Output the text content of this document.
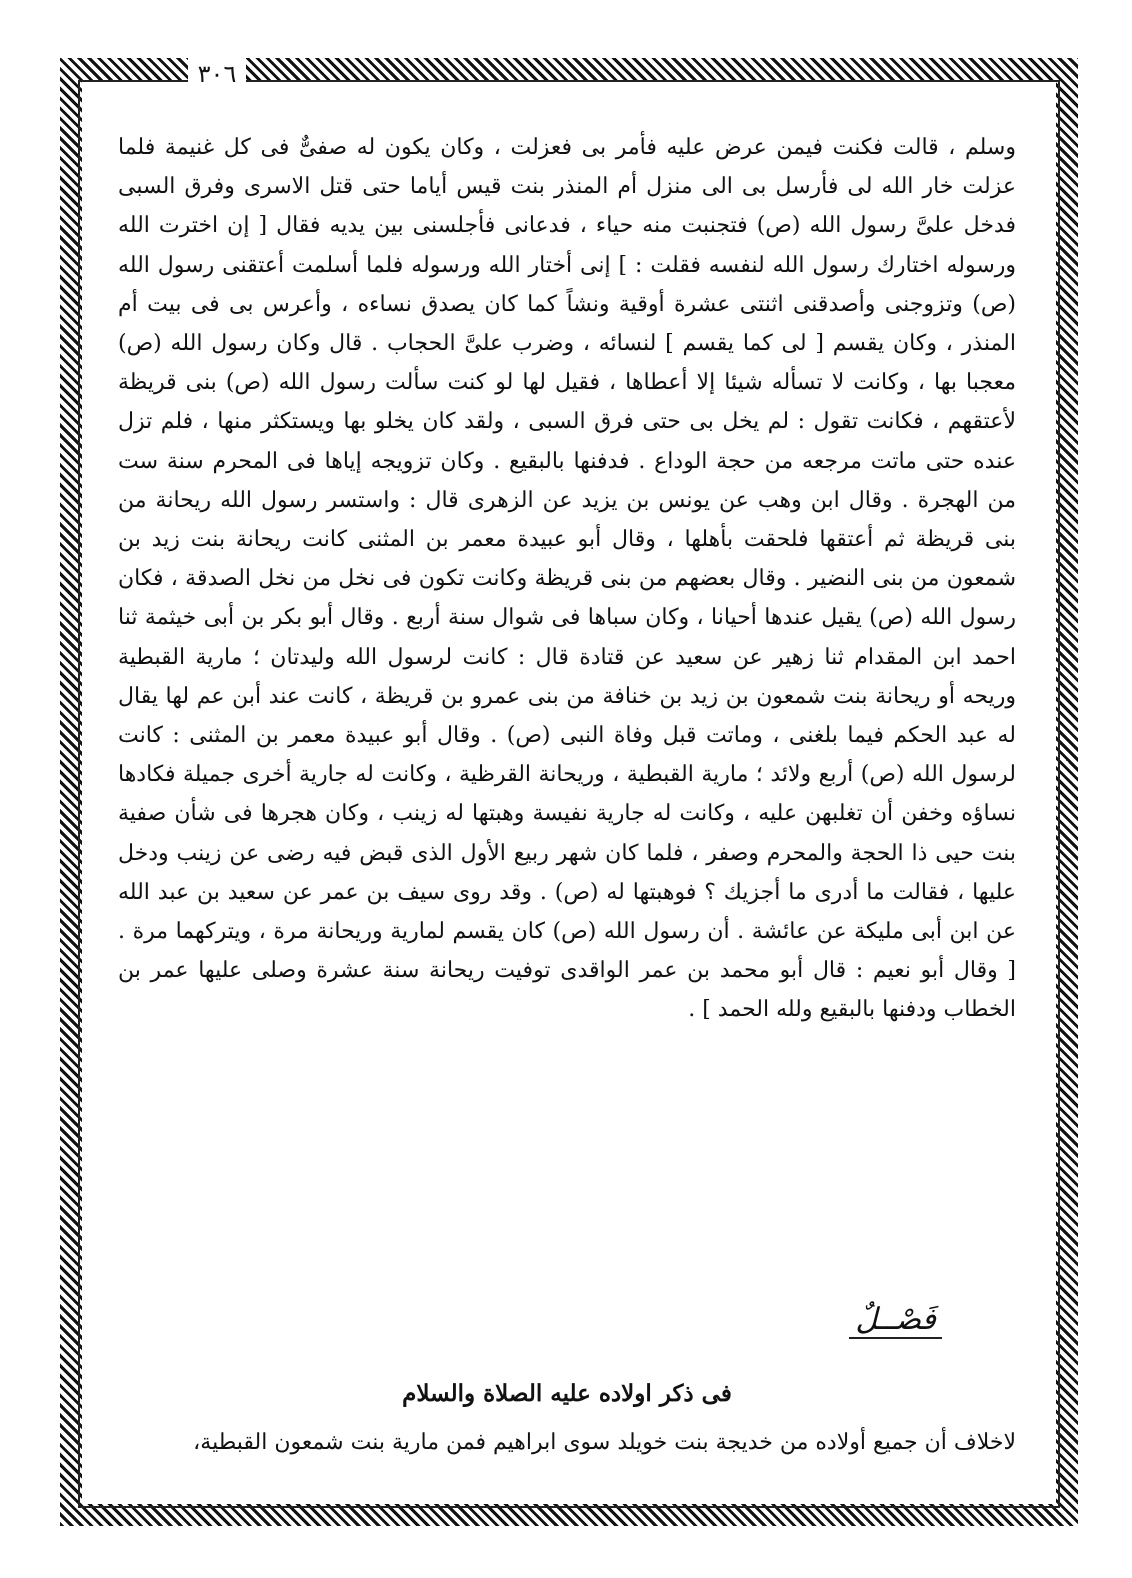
٣٠٦

وسلم ، قالت فكنت فيمن عرض عليه فأمر بى فعزلت ، وكان يكون له صفىٌّ فى كل غنيمة فلما عزلت خار الله لى فأرسل بى الى منزل أم المنذر بنت قيس أياما حتى قتل الاسرى وفرق السبى فدخل علىَّ رسول الله (ص) فتجنبت منه حياء ، فدعانى فأجلسنى بين يديه فقال [ إن اخترت الله ورسوله اختارك رسول الله لنفسه فقلت : ] إنى أختار الله ورسوله فلما أسلمت أعتقنى رسول الله (ص) وتزوجنى وأصدقنى اثنتى عشرة أوقية ونشاً كما كان يصدق نساءه ، وأعرس بى فى بيت أم المنذر ، وكان يقسم [ لى كما يقسم ] لنسائه ، وضرب علىَّ الحجاب . قال وكان رسول الله (ص) معجبا بها ، وكانت لا تسأله شيئا إلا أعطاها ، فقيل لها لو كنت سألت رسول الله (ص) بنى قريظة لأعتقهم ، فكانت تقول : لم يخل بى حتى فرق السبى ، ولقد كان يخلو بها ويستكثر منها ، فلم تزل عنده حتى ماتت مرجعه من حجة الوداع . فدفنها بالبقيع . وكان تزويجه إياها فى المحرم سنة ست من الهجرة . وقال ابن وهب عن يونس بن يزيد عن الزهرى قال : واستسر رسول الله ريحانة من بنى قريظة ثم أعتقها فلحقت بأهلها ، وقال أبو عبيدة معمر بن المثنى كانت ريحانة بنت زيد بن شمعون من بنى النضير . وقال بعضهم من بنى قريظة وكانت تكون فى نخل من نخل الصدقة ، فكان رسول الله (ص) يقيل عندها أحيانا ، وكان سباها فى شوال سنة أربع . وقال أبو بكر بن أبى خيثمة ثنا احمد ابن المقدام ثنا زهير عن سعيد عن قتادة قال : كانت لرسول الله وليدتان ؛ مارية القبطية وريحه أو ريحانة بنت شمعون بن زيد بن خنافة من بنى عمرو بن قريظة ، كانت عند أبن عم لها يقال له عبد الحكم فيما بلغنى ، وماتت قبل وفاة النبى (ص) . وقال أبو عبيدة معمر بن المثنى : كانت لرسول الله (ص) أربع ولائد ؛ مارية القبطية ، وريحانة القرظية ، وكانت له جارية أخرى جميلة فكادها نساؤه وخفن أن تغلبهن عليه ، وكانت له جارية نفيسة وهبتها له زينب ، وكان هجرها فى شأن صفية بنت حيى ذا الحجة والمحرم وصفر ، فلما كان شهر ربيع الأول الذى قبض فيه رضى عن زينب ودخل عليها ، فقالت ما أدرى ما أجزيك ؟ فوهبتها له (ص) . وقد روى سيف بن عمر عن سعيد بن عبد الله عن ابن أبى مليكة عن عائشة . أن رسول الله (ص) كان يقسم لمارية وريحانة مرة ، ويتركهما مرة . [ وقال أبو نعيم : قال أبو محمد بن عمر الواقدى توفيت ريحانة سنة عشرة وصلى عليها عمر بن الخطاب ودفنها بالبقيع ولله الحمد ] .

فَصْــلٌ
فى ذكر اولاده عليه الصلاة والسلام
لاخلاف أن جميع أولاده من خديجة بنت خويلد سوى ابراهيم فمن مارية بنت شمعون القبطية،
